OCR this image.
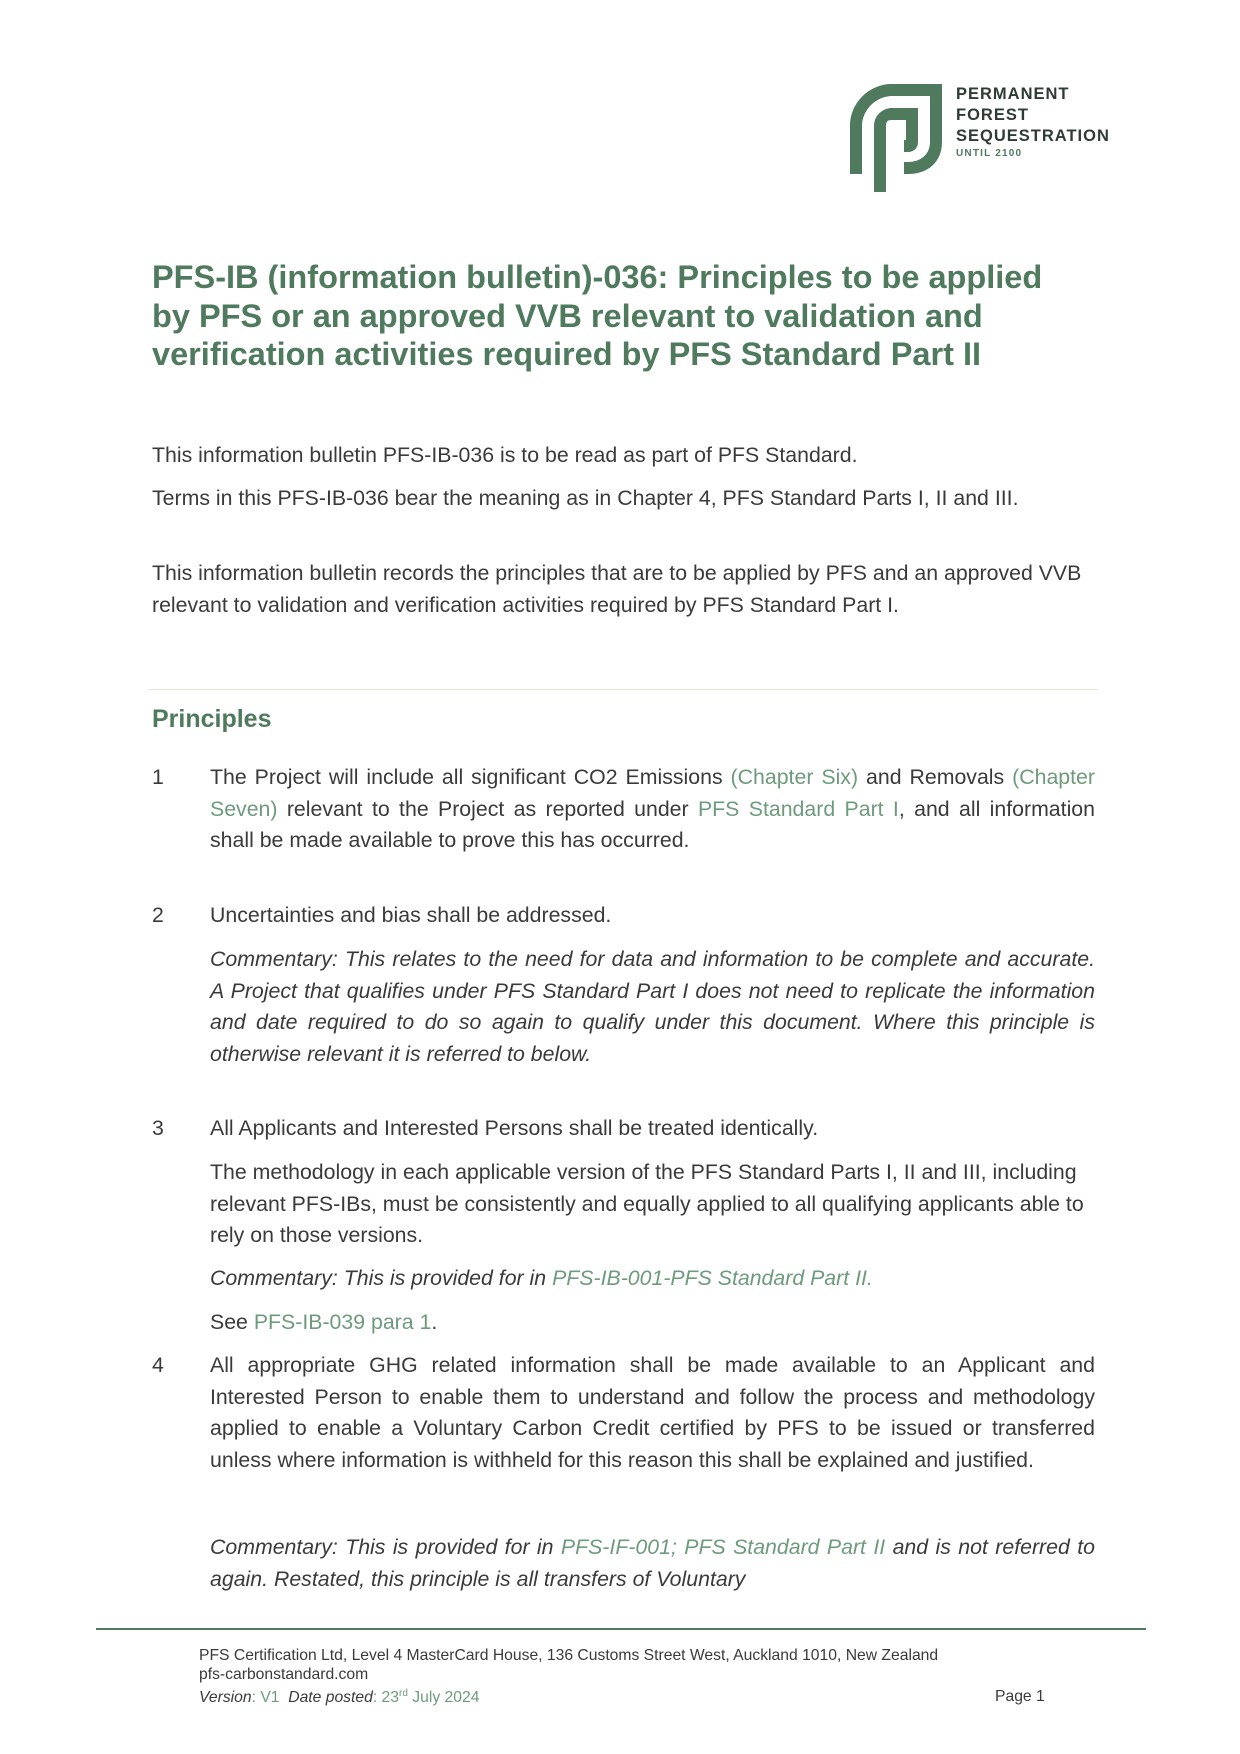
PERMANENT
FOREST
SEQUESTRATION
UNTIL 2100
PFS-IB (information bulletin)-036: Principles to be applied by PFS or an approved VVB relevant to validation and verification activities required by PFS Standard Part II

This information bulletin PFS-IB-036 is to be read as part of PFS Standard.

Terms in this PFS-IB-036 bear the meaning as in Chapter 4, PFS Standard Parts I, II and III.

This information bulletin records the principles that are to be applied by PFS and an approved VVB relevant to validation and verification activities required by PFS Standard Part I.

Principles
1 The Project will include all significant CO2 Emissions (Chapter Six) and Removals (Chapter Seven) relevant to the Project as reported under PFS Standard Part I, and all information shall be made available to prove this has occurred.

2 Uncertainties and bias shall be addressed.

Commentary: This relates to the need for data and information to be complete and accurate. A Project that qualifies under PFS Standard Part I does not need to replicate the information and date required to do so again to qualify under this document. Where this principle is otherwise relevant it is referred to below.

3 All Applicants and Interested Persons shall be treated identically.

The methodology in each applicable version of the PFS Standard Parts I, II and III, including relevant PFS-IBs, must be consistently and equally applied to all qualifying applicants able to rely on those versions.

Commentary: This is provided for in PFS-IB-001-PFS Standard Part II.

See PFS-IB-039 para 1.

4 All appropriate GHG related information shall be made available to an Applicant and Interested Person to enable them to understand and follow the process and methodology applied to enable a Voluntary Carbon Credit certified by PFS to be issued or transferred unless where information is withheld for this reason this shall be explained and justified.

Commentary: This is provided for in PFS-IF-001; PFS Standard Part II and is not referred to again. Restated, this principle is all transfers of Voluntary

PFS Certification Ltd, Level 4 MasterCard House, 136 Customs Street West, Auckland 1010, New Zealand
pfs-carbonstandard.com
Version: V1 Date posted: 23rd July 2024	Page 1
